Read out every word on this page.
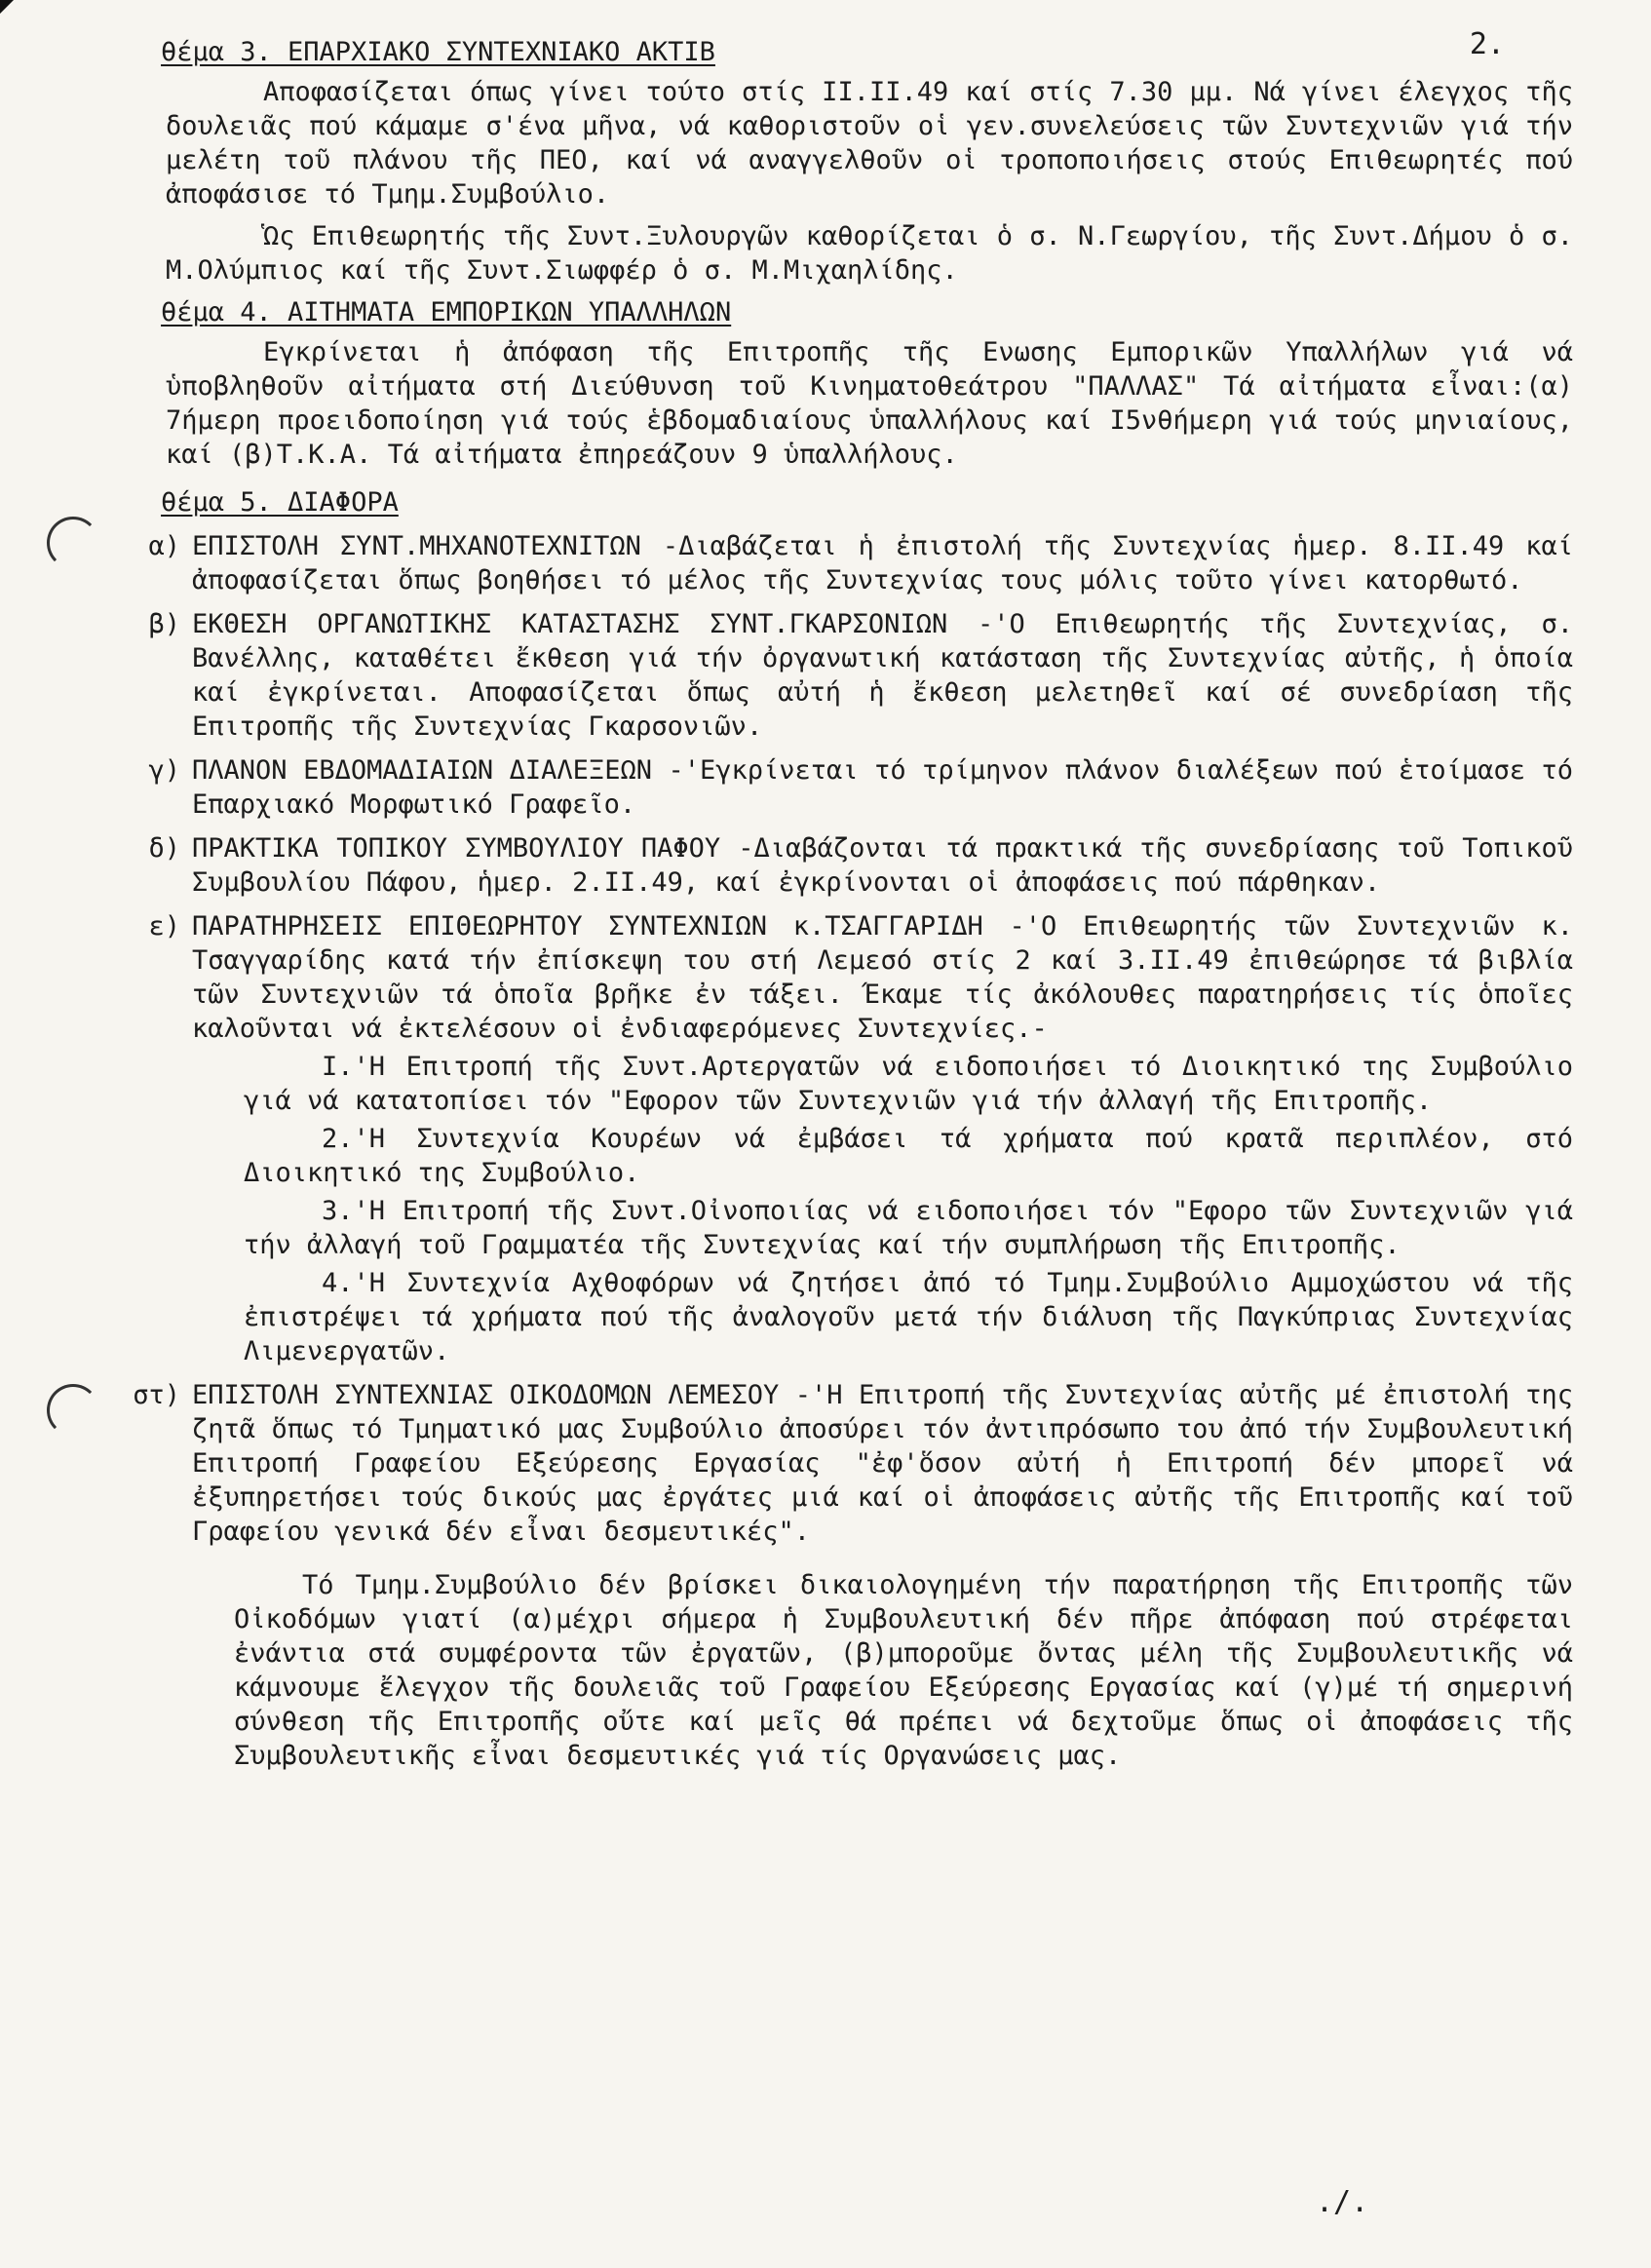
2.
θέμα 3. ΕΠΑΡΧΙΑΚΟ ΣΥΝΤΕΧΝΙΑΚΟ ΑΚΤΙΒ

Αποφασίζεται όπως γίνει τούτο στίς ΙΙ.ΙΙ.49 καί στίς 7.30 μμ. Νά γίνει έλεγχος τῆς δουλειᾶς πού κάμαμε σ'ένα μῆνα, νά καθοριστοῦν οἱ γεν.συνελεύσεις τῶν Συντεχνιῶν γιά τήν μελέτη τοῦ πλάνου τῆς ΠΕΟ, καί νά αναγγελθοῦν οἱ τροποποιήσεις στούς Επιθεωρητές πού ἀποφάσισε τό Τμημ.Συμβούλιο.

Ὡς Επιθεωρητής τῆς Συντ.Ξυλουργῶν καθορίζεται ὁ σ. Ν.Γεωργίου, τῆς Συντ.Δήμου ὁ σ. Μ.Ολύμπιος καί τῆς Συντ.Σιωφφέρ ὁ σ. Μ.Μιχαηλίδης.

θέμα 4. ΑΙΤΗΜΑΤΑ ΕΜΠΟΡΙΚΩΝ ΥΠΑΛΛΗΛΩΝ

Εγκρίνεται ἡ ἀπόφαση τῆς Επιτροπῆς τῆς Ενωσης Εμπορικῶν Υπαλλήλων γιά νά ὑποβληθοῦν αἰτήματα στή Διεύθυνση τοῦ Κινηματοθεάτρου "ΠΑΛΛΑΣ" Τά αἰτήματα εἶναι:(α) 7ήμερη προειδοποίηση γιά τούς ἑβδομαδιαίους ὑπαλλήλους καί Ι5νθήμερη γιά τούς μηνιαίους, καί (β)Τ.Κ.Α. Τά αἰτήματα ἐπηρεάζουν 9 ὑπαλλήλους.

θέμα 5. ΔΙΑΦΟΡΑ
α) ΕΠΙΣΤΟΛΗ ΣΥΝΤ.ΜΗΧΑΝΟΤΕΧΝΙΤΩΝ -Διαβάζεται ἡ ἐπιστολή τῆς Συντεχνίας ἡμερ. 8.ΙΙ.49 καί ἀποφασίζεται ὅπως βοηθήσει τό μέλος τῆς Συντεχνίας τους μόλις τοῦτο γίνει κατορθωτό.
β) ΕΚΘΕΣΗ ΟΡΓΑΝΩΤΙΚΗΣ ΚΑΤΑΣΤΑΣΗΣ ΣΥΝΤ.ΓΚΑΡΣΟΝΙΩΝ -'Ο Επιθεωρητής τῆς Συντεχνίας, σ. Βανέλλης, καταθέτει ἔκθεση γιά τήν ὀργανωτική κατάσταση τῆς Συντεχνίας αὐτῆς, ἡ ὁποία καί ἐγκρίνεται. Αποφασίζεται ὅπως αὐτή ἡ ἔκθεση μελετηθεῖ καί σέ συνεδρίαση τῆς Επιτροπῆς τῆς Συντεχνίας Γκαρσονιῶν.
γ) ΠΛΑΝΟΝ ΕΒΔΟΜΑΔΙΑΙΩΝ ΔΙΑΛΕΞΕΩΝ -'Εγκρίνεται τό τρίμηνον πλάνον διαλέξεων πού ἑτοίμασε τό Επαρχιακό Μορφωτικό Γραφεῖο.
δ) ΠΡΑΚΤΙΚΑ ΤΟΠΙΚΟΥ ΣΥΜΒΟΥΛΙΟΥ ΠΑΦΟΥ -Διαβάζονται τά πρακτικά τῆς συνεδρίασης τοῦ Τοπικοῦ Συμβουλίου Πάφου, ἡμερ. 2.ΙΙ.49, καί ἐγκρίνονται οἱ ἀποφάσεις πού πάρθηκαν.
ε) ΠΑΡΑΤΗΡΗΣΕΙΣ ΕΠΙΘΕΩΡΗΤΟΥ ΣΥΝΤΕΧΝΙΩΝ κ.ΤΣΑΓΓΑΡΙΔΗ -'Ο Επιθεωρητής τῶν Συντεχνιῶν κ. Τσαγγαρίδης κατά τήν ἐπίσκεψη του στή Λεμεσό στίς 2 καί 3.ΙΙ.49 ἐπιθεώρησε τά βιβλία τῶν Συντεχνιῶν τά ὁποῖα βρῆκε ἐν τάξει. Έκαμε τίς ἀκόλουθες παρατηρήσεις τίς ὁποῖες καλοῦνται νά ἐκτελέσουν οἱ ἐνδιαφερόμενες Συντεχνίες.-

Ι.'Η Επιτροπή τῆς Συντ.Αρτεργατῶν νά ειδοποιήσει τό Διοικητικό της Συμβούλιο γιά νά κατατοπίσει τόν "Εφορον τῶν Συντεχνιῶν γιά τήν ἀλλαγή τῆς Επιτροπῆς.

2.'Η Συντεχνία Κουρέων νά ἐμβάσει τά χρήματα πού κρατᾶ περιπλέον, στό Διοικητικό της Συμβούλιο.

3.'Η Επιτροπή τῆς Συντ.Οἰνοποιίας νά ειδοποιήσει τόν "Εφορο τῶν Συντεχνιῶν γιά τήν ἀλλαγή τοῦ Γραμματέα τῆς Συντεχνίας καί τήν συμπλήρωση τῆς Επιτροπῆς.

4.'Η Συντεχνία Αχθοφόρων νά ζητήσει ἀπό τό Τμημ.Συμβούλιο Αμμοχώστου νά τῆς ἐπιστρέψει τά χρήματα πού τῆς ἀναλογοῦν μετά τήν διάλυση τῆς Παγκύπριας Συντεχνίας Λιμενεργατῶν.

στ) ΕΠΙΣΤΟΛΗ ΣΥΝΤΕΧΝΙΑΣ ΟΙΚΟΔΟΜΩΝ ΛΕΜΕΣΟΥ -'Η Επιτροπή τῆς Συντεχνίας αὐτῆς μέ ἐπιστολή της ζητᾶ ὅπως τό Τμηματικό μας Συμβούλιο ἀποσύρει τόν ἀντιπρόσωπο του ἀπό τήν Συμβουλευτική Επιτροπή Γραφείου Εξεύρεσης Εργασίας "ἐφ'ὅσον αὐτή ἡ Επιτροπή δέν μπορεῖ νά ἐξυπηρετήσει τούς δικούς μας ἐργάτες μιά καί οἱ ἀποφάσεις αὐτῆς τῆς Επιτροπῆς καί τοῦ Γραφείου γενικά δέν εἶναι δεσμευτικές".

Τό Τμημ.Συμβούλιο δέν βρίσκει δικαιολογημένη τήν παρατήρηση τῆς Επιτροπῆς τῶν Οἰκοδόμων γιατί (α)μέχρι σήμερα ἡ Συμβουλευτική δέν πῆρε ἀπόφαση πού στρέφεται ἐνάντια στά συμφέροντα τῶν ἐργατῶν, (β)μποροῦμε ὄντας μέλη τῆς Συμβουλευτικῆς νά κάμνουμε ἔλεγχον τῆς δουλειᾶς τοῦ Γραφείου Εξεύρεσης Εργασίας καί (γ)μέ τή σημερινή σύνθεση τῆς Επιτροπῆς οὔτε καί μεῖς θά πρέπει νά δεχτοῦμε ὅπως οἱ ἀποφάσεις τῆς Συμβουλευτικῆς εἶναι δεσμευτικές γιά τίς Οργανώσεις μας.

./.
